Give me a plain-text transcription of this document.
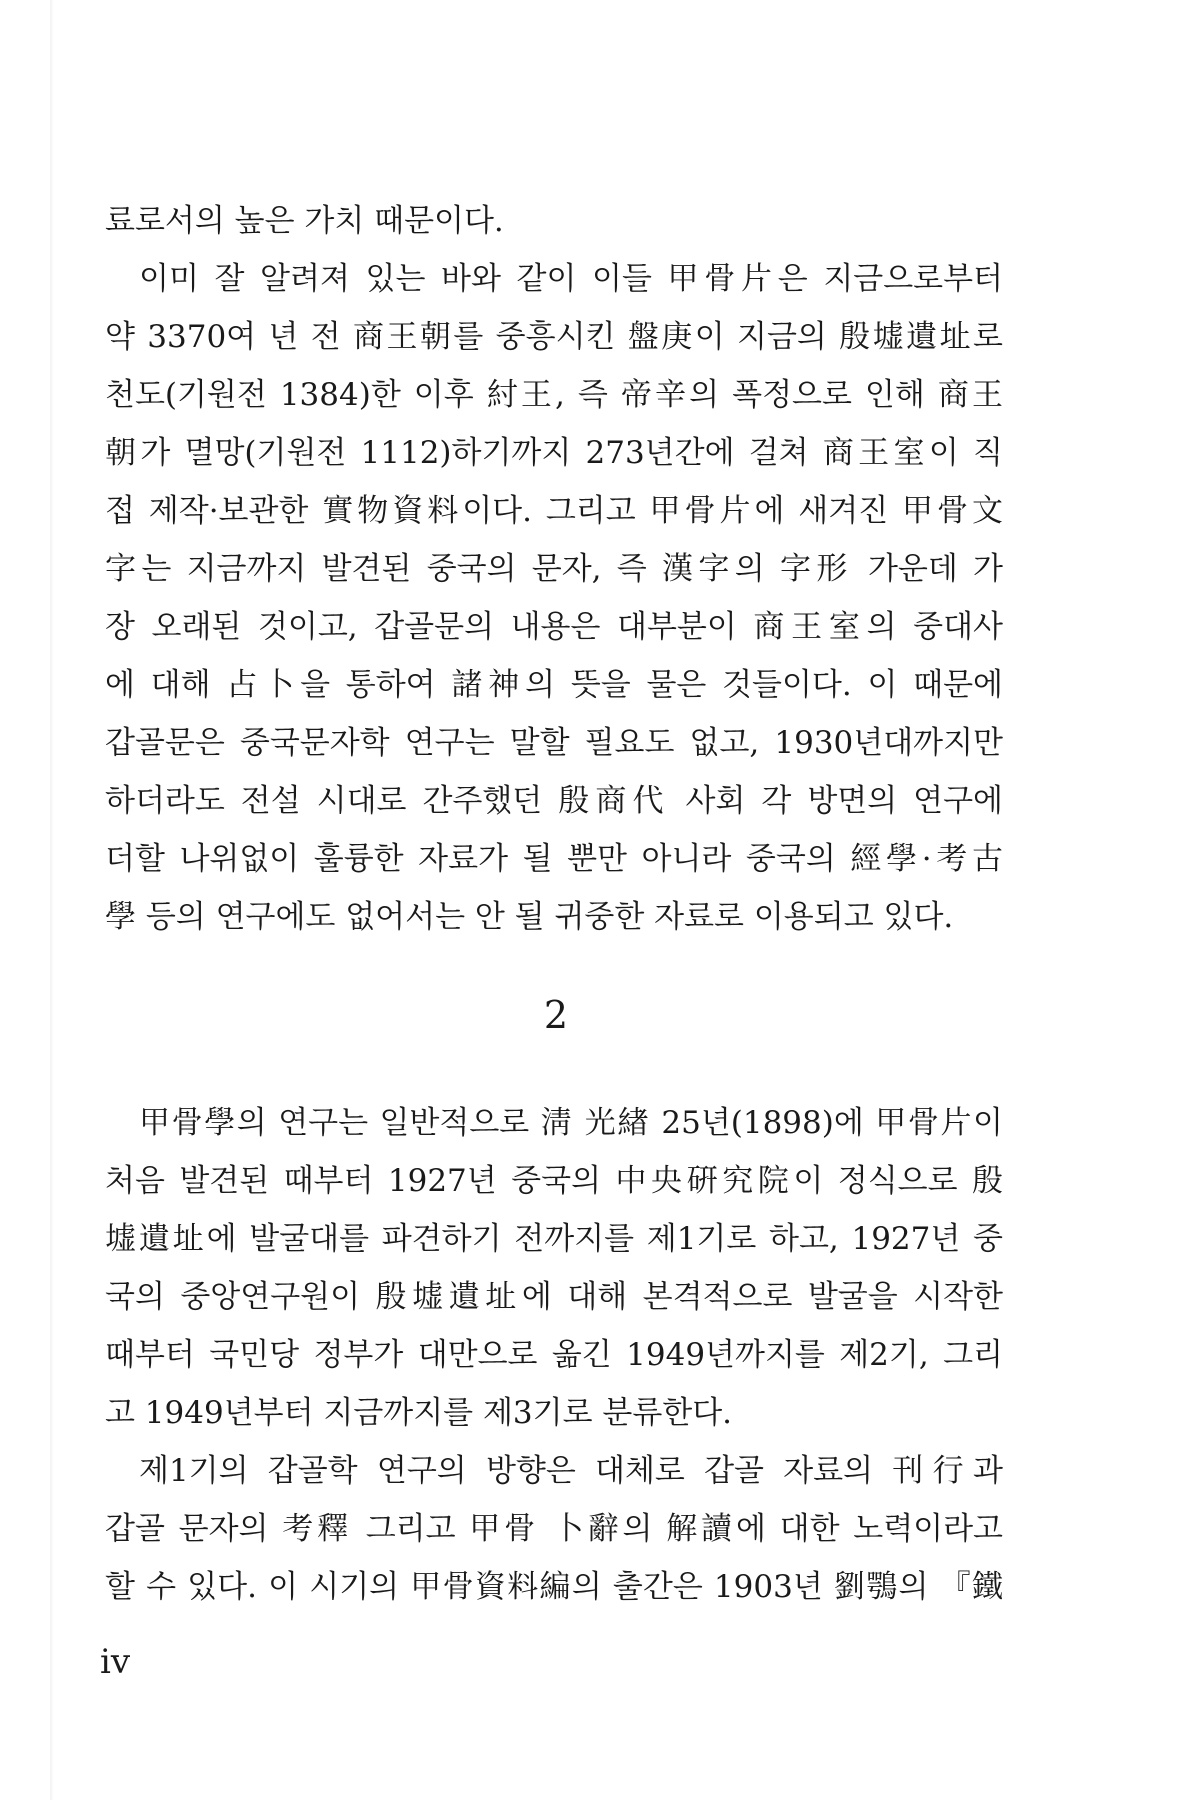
료로서의 높은 가치 때문이다.
이미 잘 알려져 있는 바와 같이 이들 甲骨片은 지금으로부터
약 3370여 년 전 商王朝를 중흥시킨 盤庚이 지금의 殷墟遺址로
천도(기원전 1384)한 이후 紂王, 즉 帝辛의 폭정으로 인해 商王
朝가 멸망(기원전 1112)하기까지 273년간에 걸쳐 商王室이 직
접 제작·보관한 實物資料이다. 그리고 甲骨片에 새겨진 甲骨文
字는 지금까지 발견된 중국의 문자, 즉 漢字의 字形 가운데 가
장 오래된 것이고, 갑골문의 내용은 대부분이 商王室의 중대사
에 대해 占卜을 통하여 諸神의 뜻을 물은 것들이다. 이 때문에
갑골문은 중국문자학 연구는 말할 필요도 없고, 1930년대까지만
하더라도 전설 시대로 간주했던 殷商代 사회 각 방면의 연구에
더할 나위없이 훌륭한 자료가 될 뿐만 아니라 중국의 經學·考古
學 등의 연구에도 없어서는 안 될 귀중한 자료로 이용되고 있다.
2
甲骨學의 연구는 일반적으로 淸 光緖 25년(1898)에 甲骨片이
처음 발견된 때부터 1927년 중국의 中央硏究院이 정식으로 殷
墟遺址에 발굴대를 파견하기 전까지를 제1기로 하고, 1927년 중
국의 중앙연구원이 殷墟遺址에 대해 본격적으로 발굴을 시작한
때부터 국민당 정부가 대만으로 옮긴 1949년까지를 제2기, 그리
고 1949년부터 지금까지를 제3기로 분류한다.
제1기의 갑골학 연구의 방향은 대체로 갑골 자료의 刊行과
갑골 문자의 考釋 그리고 甲骨 卜辭의 解讀에 대한 노력이라고
할 수 있다. 이 시기의 甲骨資料編의 출간은 1903년 劉鶚의 『鐵
iv
